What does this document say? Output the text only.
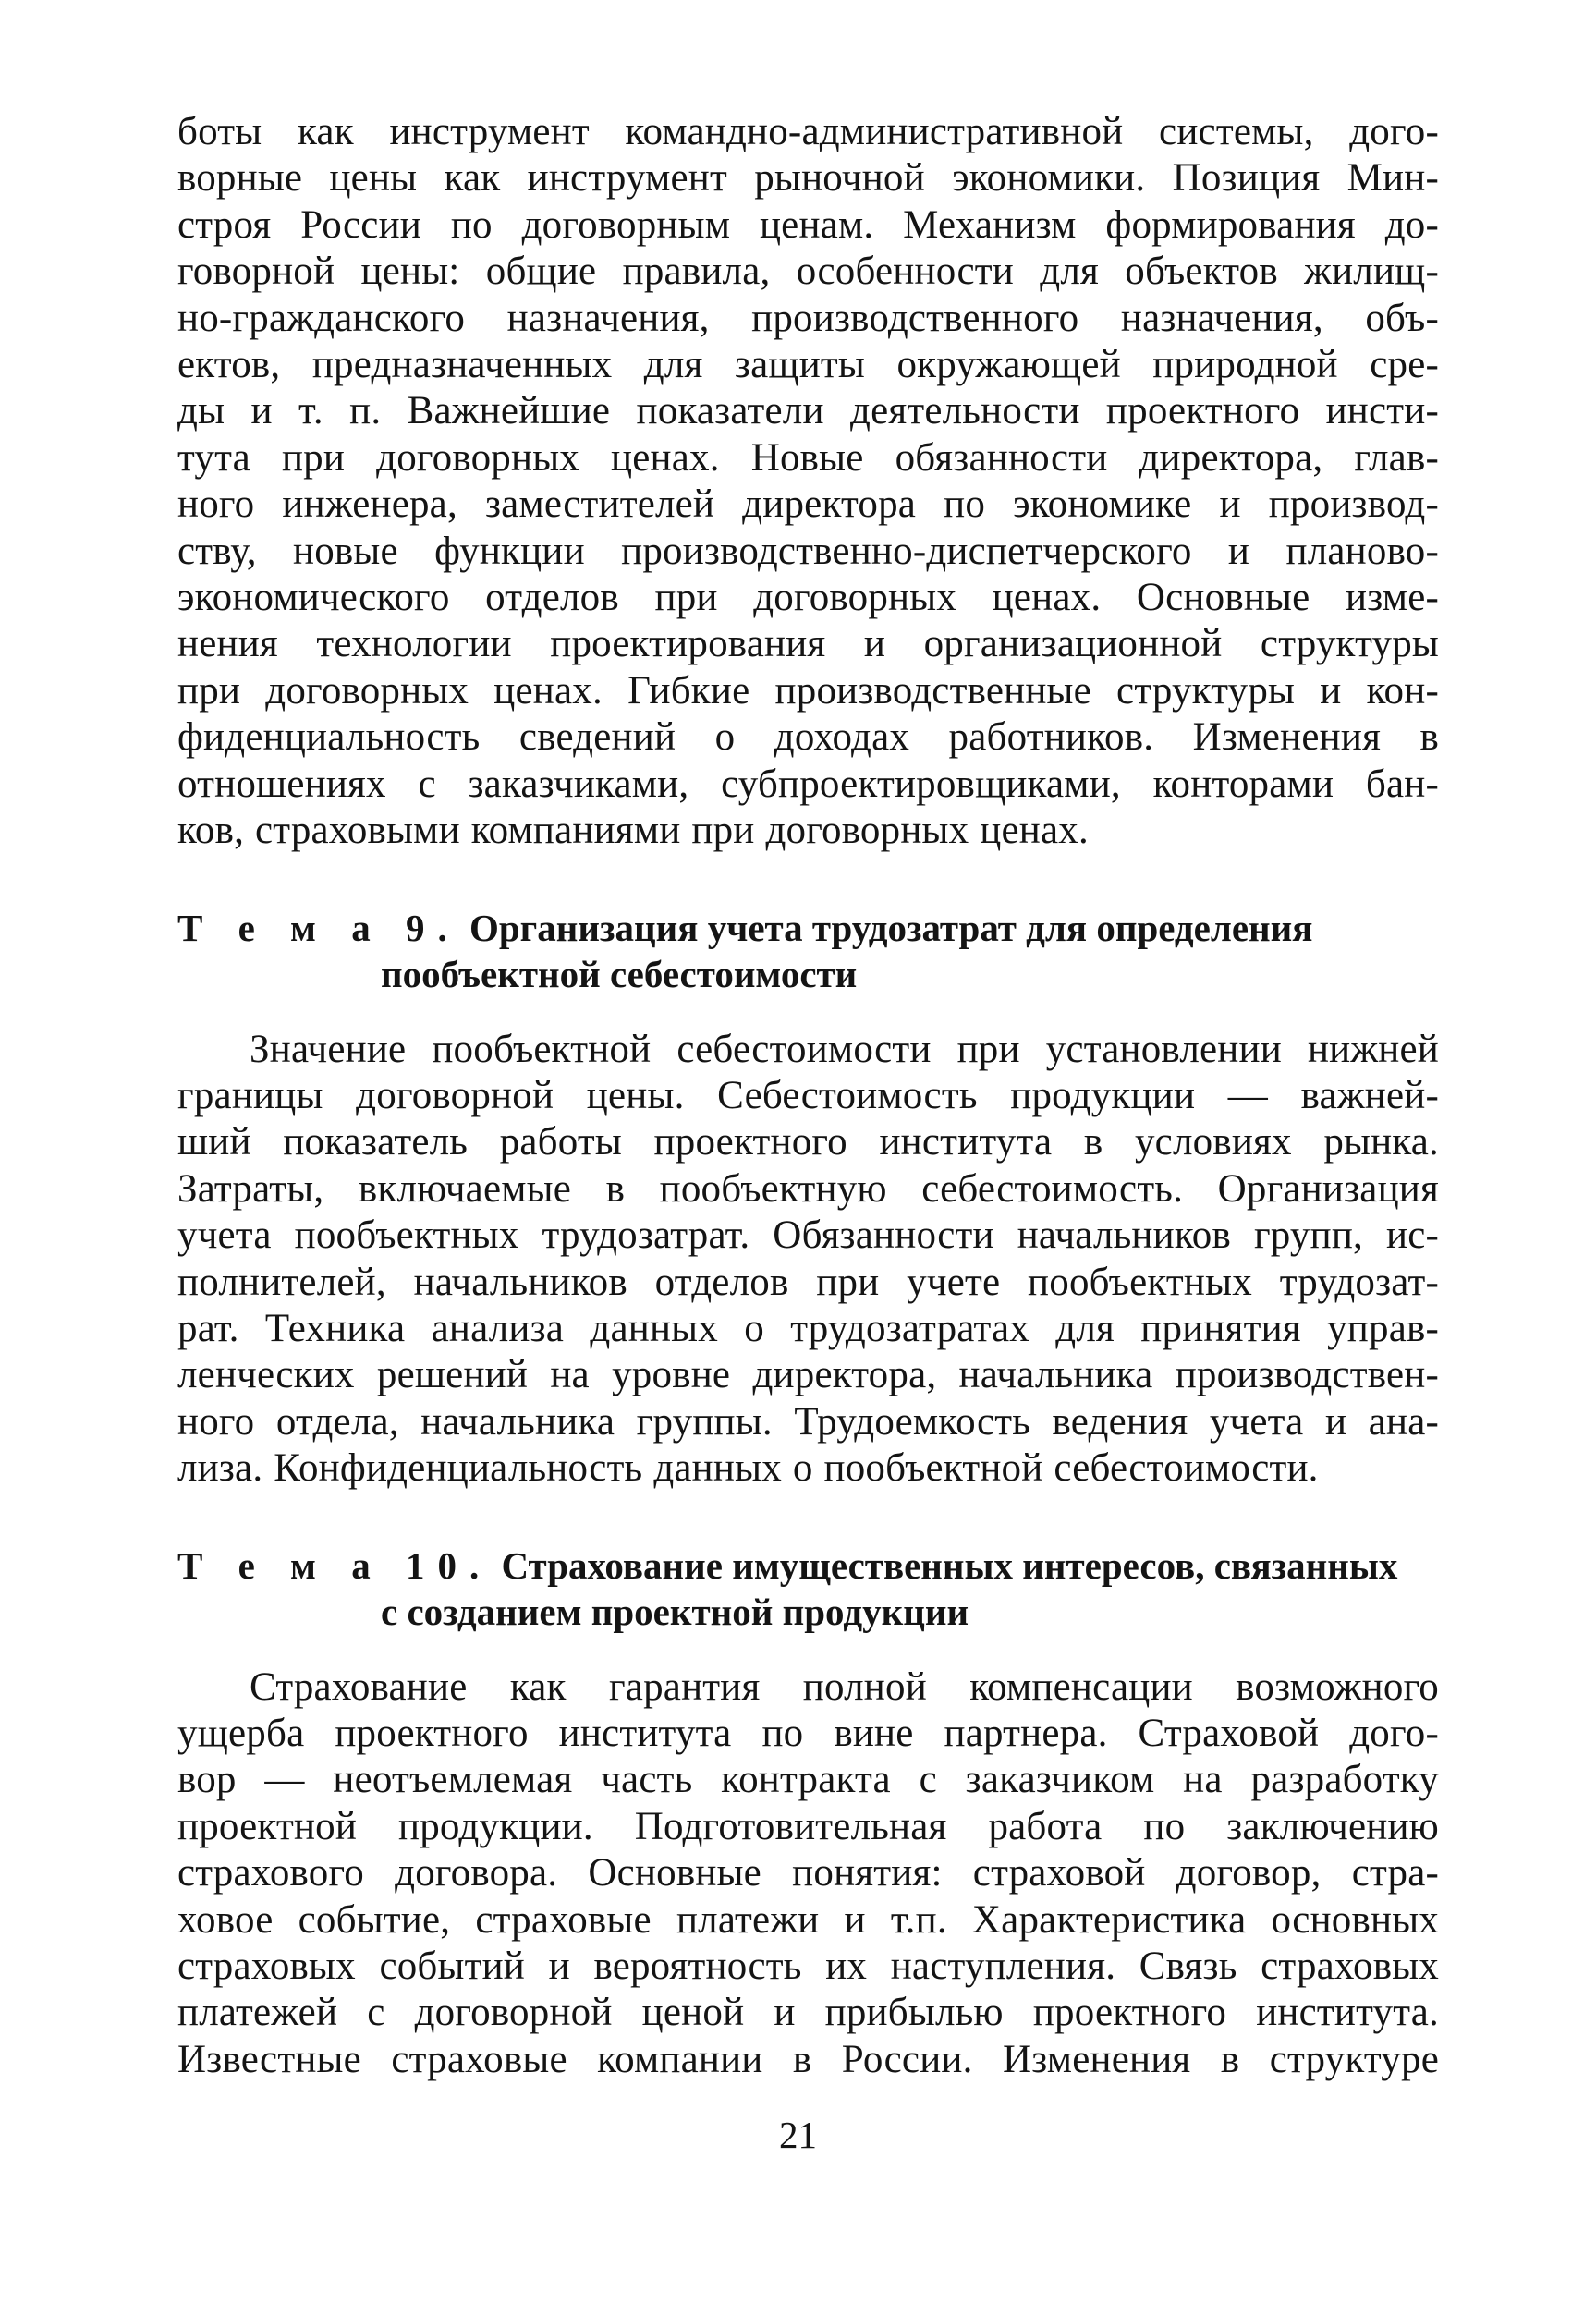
боты как инструмент командно-административной системы, дого-
ворные цены как инструмент рыночной экономики. Позиция Мин-
строя России по договорным ценам. Механизм формирования до-
говорной цены: общие правила, особенности для объектов жилищ-
но-гражданского назначения, производственного назначения, объ-
ектов, предназначенных для защиты окружающей природной сре-
ды и т. п. Важнейшие показатели деятельности проектного инсти-
тута при договорных ценах. Новые обязанности директора, глав-
ного инженера, заместителей директора по экономике и производ-
ству, новые функции производственно-диспетчерского и планово-
экономического отделов при договорных ценах. Основные изме-
нения технологии проектирования и организационной структуры
при договорных ценах. Гибкие производственные структуры и кон-
фиденциальность сведений о доходах работников. Изменения в
отношениях с заказчиками, субпроектировщиками, конторами бан-
ков, страховыми компаниями при договорных ценах.
Т е м а 9. Организация учета трудозатрат для определения
пообъектной себестоимости
Значение пообъектной себестоимости при установлении нижней
границы договорной цены. Себестоимость продукции — важней-
ший показатель работы проектного института в условиях рынка.
Затраты, включаемые в пообъектную себестоимость. Организация
учета пообъектных трудозатрат. Обязанности начальников групп, ис-
полнителей, начальников отделов при учете пообъектных трудозат-
рат. Техника анализа данных о трудозатратах для принятия управ-
ленческих решений на уровне директора, начальника производствен-
ного отдела, начальника группы. Трудоемкость ведения учета и ана-
лиза. Конфиденциальность данных о пообъектной себестоимости.
Т е м а 10. Страхование имущественных интересов, связанных
с созданием проектной продукции
Страхование как гарантия полной компенсации возможного
ущерба проектного института по вине партнера. Страховой дого-
вор — неотъемлемая часть контракта с заказчиком на разработку
проектной продукции. Подготовительная работа по заключению
страхового договора. Основные понятия: страховой договор, стра-
ховое событие, страховые платежи и т.п. Характеристика основных
страховых событий и вероятность их наступления. Связь страховых
платежей с договорной ценой и прибылью проектного института.
Известные страховые компании в России. Изменения в структуре
21
